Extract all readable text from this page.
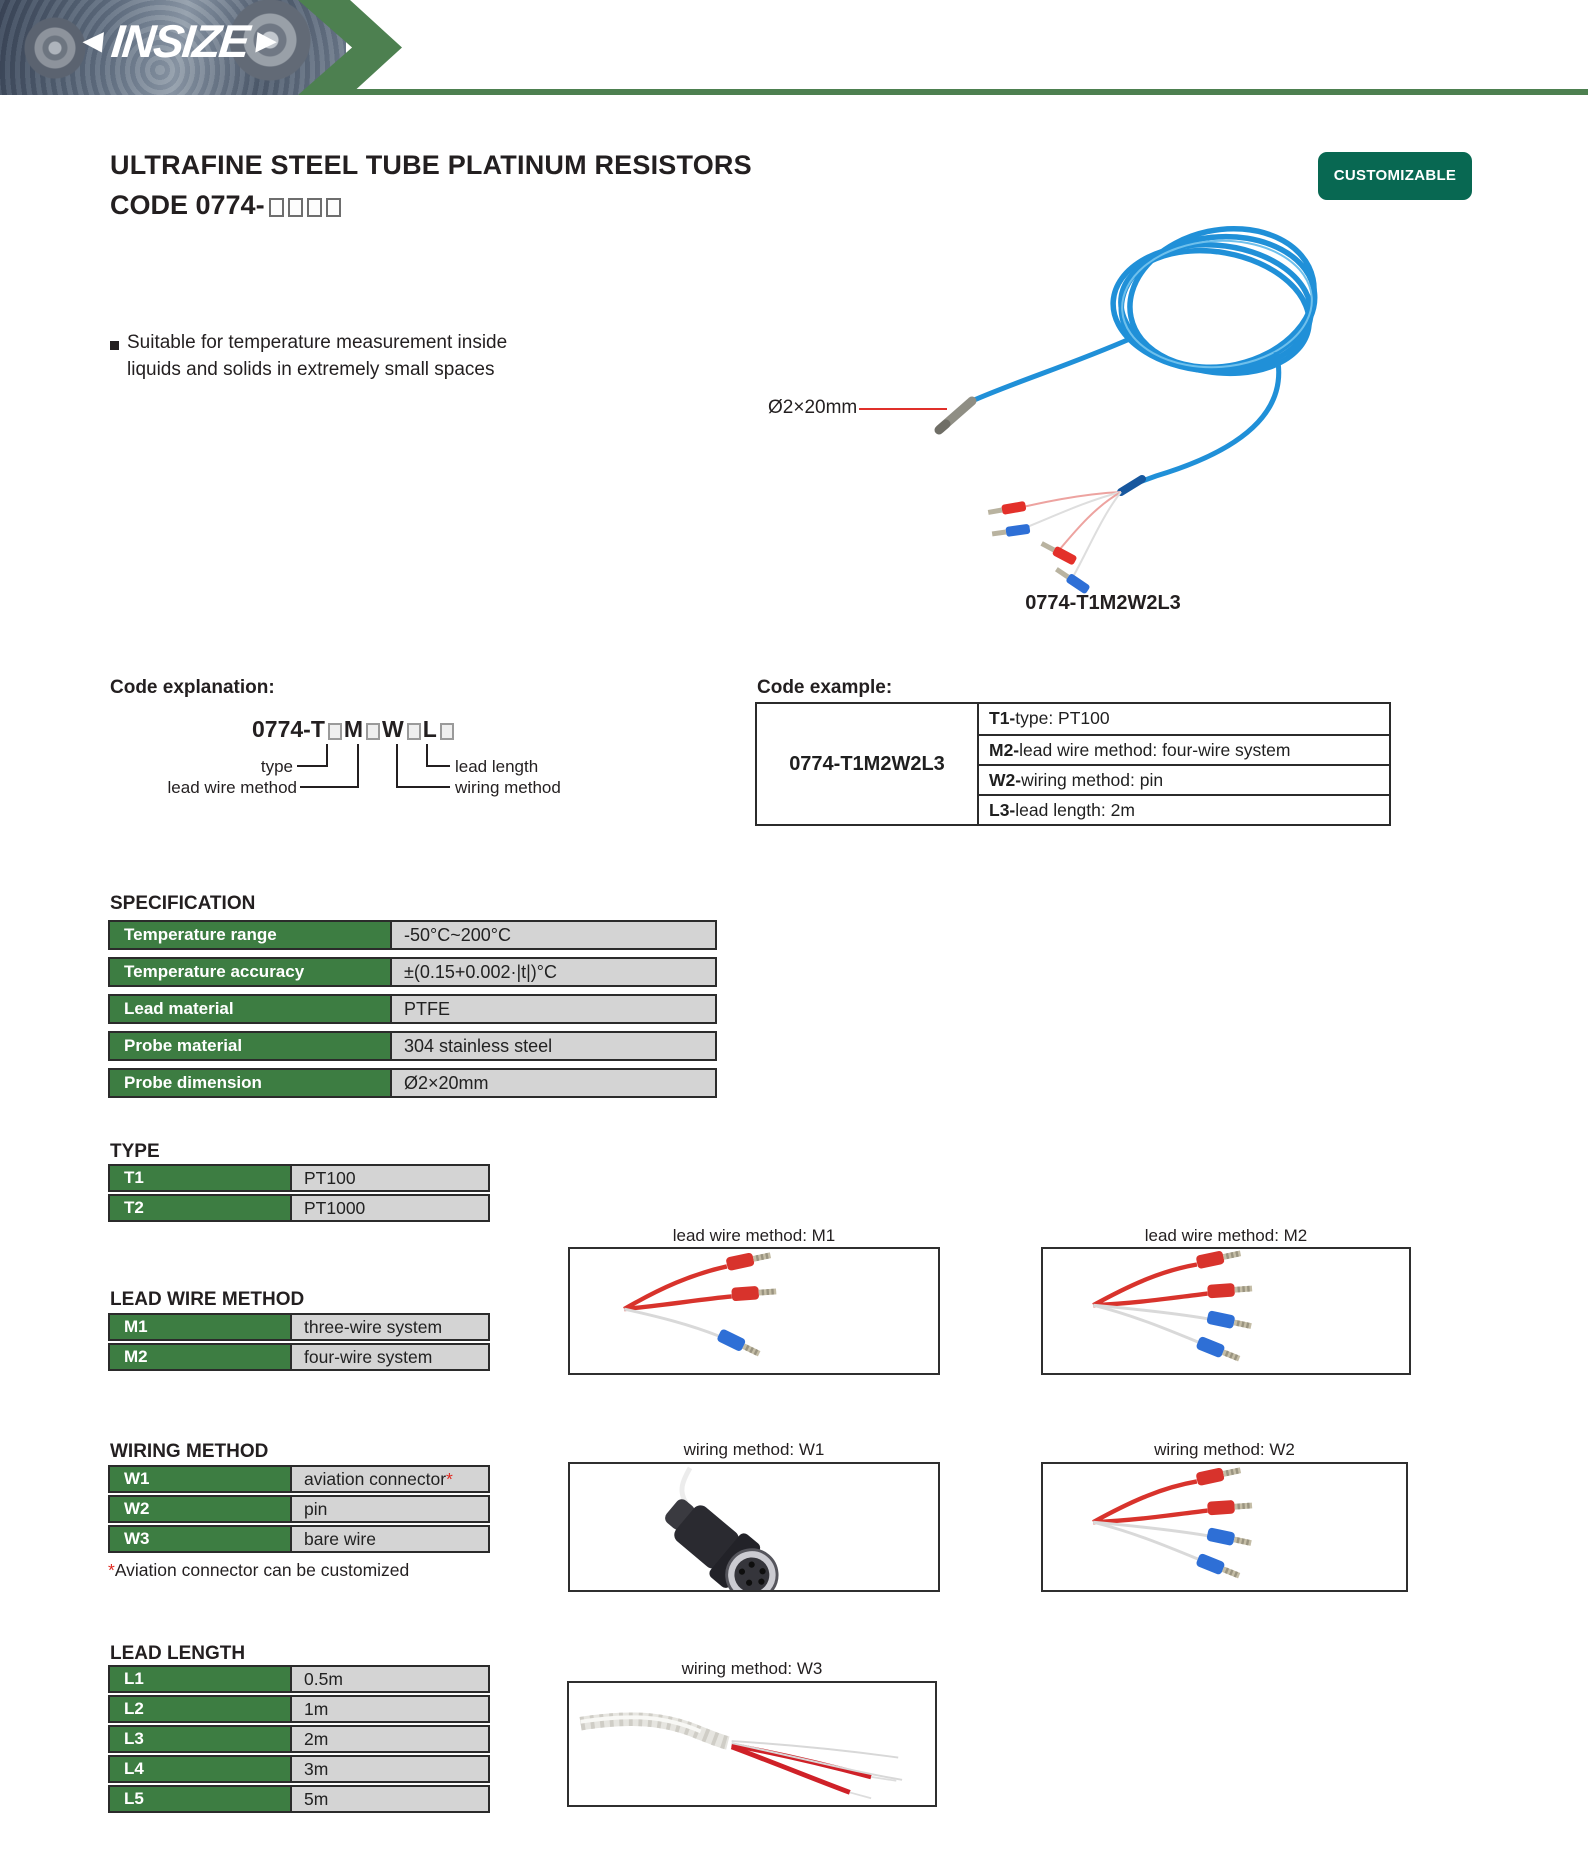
◄
INSIZE
►
ULTRAFINE STEEL TUBE PLATINUM RESISTORS
CODE 0774-
CUSTOMIZABLE
Suitable for temperature measurement inside
liquids and solids in extremely small spaces
Ø2×20mm
0774-T1M2W2L3
Code explanation:
0774-T M W L
type
lead wire method
lead length
wiring method
Code example:
0774-T1M2W2L3
T1-type: PT100
M2-lead wire method: four-wire system
W2-wiring method: pin
L3-lead length: 2m
SPECIFICATION
Temperature range	-50°C~200°C
Temperature accuracy	±(0.15+0.002·|t|)°C
Lead material	PTFE
Probe material	304 stainless steel
Probe dimension	Ø2×20mm
TYPE
T1	PT100
T2	PT1000
LEAD WIRE METHOD
M1	three-wire system
M2	four-wire system
WIRING METHOD
W1	aviation connector*
W2	pin
W3	bare wire
*Aviation connector can be customized
LEAD LENGTH
L1	0.5m
L2	1m
L3	2m
L4	3m
L5	5m
lead wire method: M1	lead wire method: M2
wiring method: W1	wiring method: W2
wiring method: W3
